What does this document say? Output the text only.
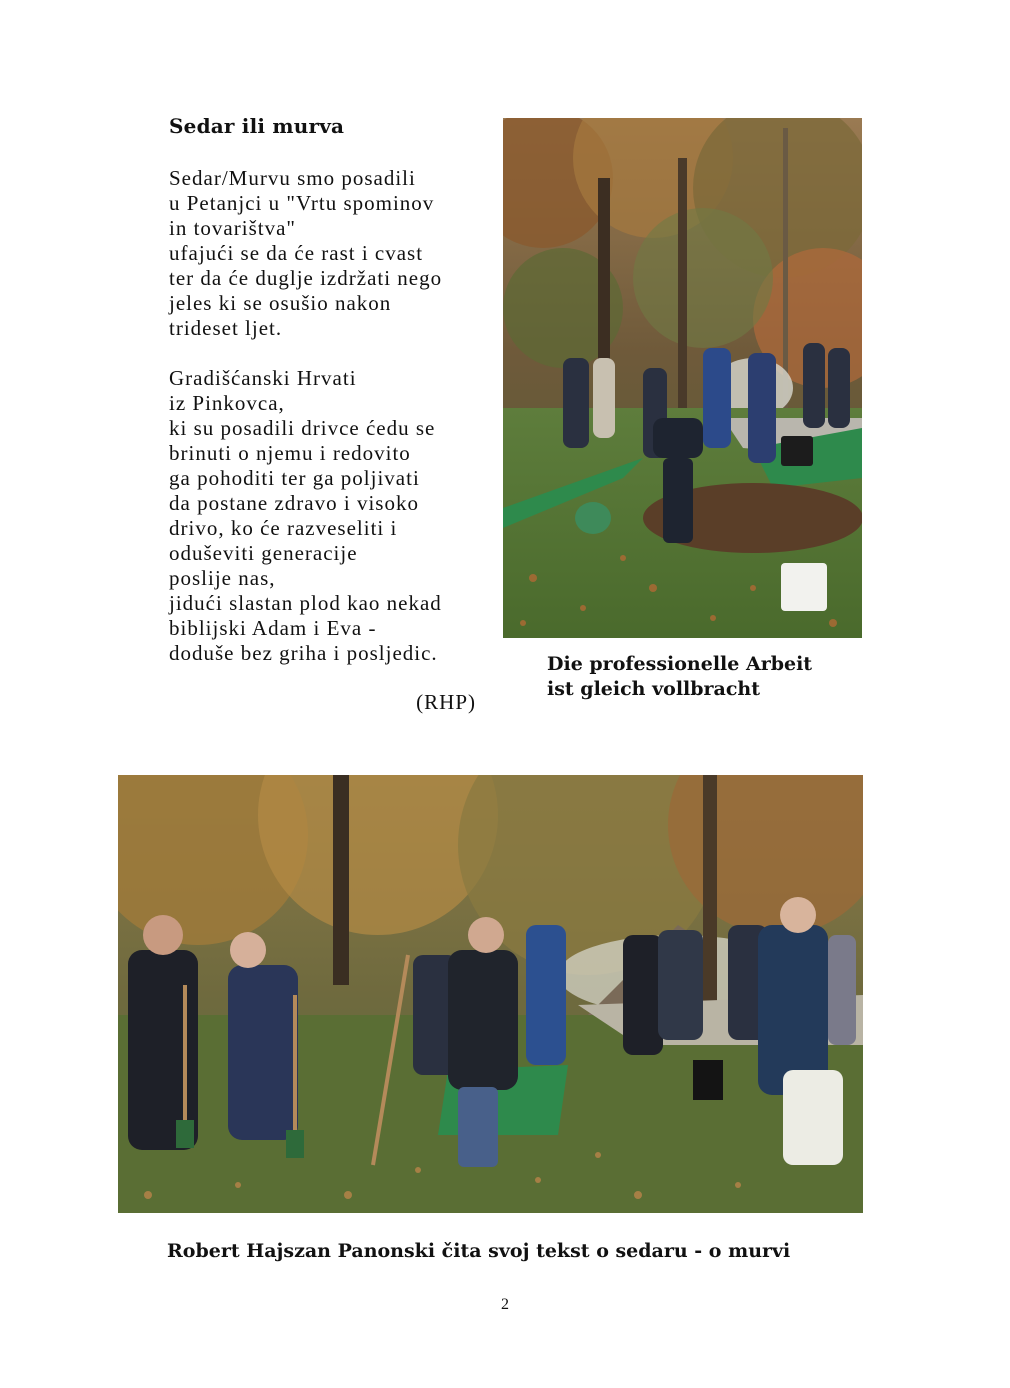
Sedar ili murva
Sedar/Murvu smo posadili
u Petanjci u "Vrtu spominov
in tovarištva"
ufajući se da će rast i cvast
ter da će duglje izdržati nego
jeles ki se osušio nakon
trideset ljet.
Gradišćanski Hrvati
iz Pinkovca,
ki su posadili drivce ćedu se
brinuti o njemu i redovito
ga pohoditi ter ga poljivati
da postane zdravo i visoko
drivo, ko će razveseliti i
oduševiti generacije
poslije nas,
jidući slastan plod kao nekad
biblijski Adam i Eva -
doduše bez griha i posljedic.
(RHP)
Die professionelle Arbeit
ist gleich vollbracht
Robert Hajszan Panonski čita svoj tekst o sedaru - o murvi
2
